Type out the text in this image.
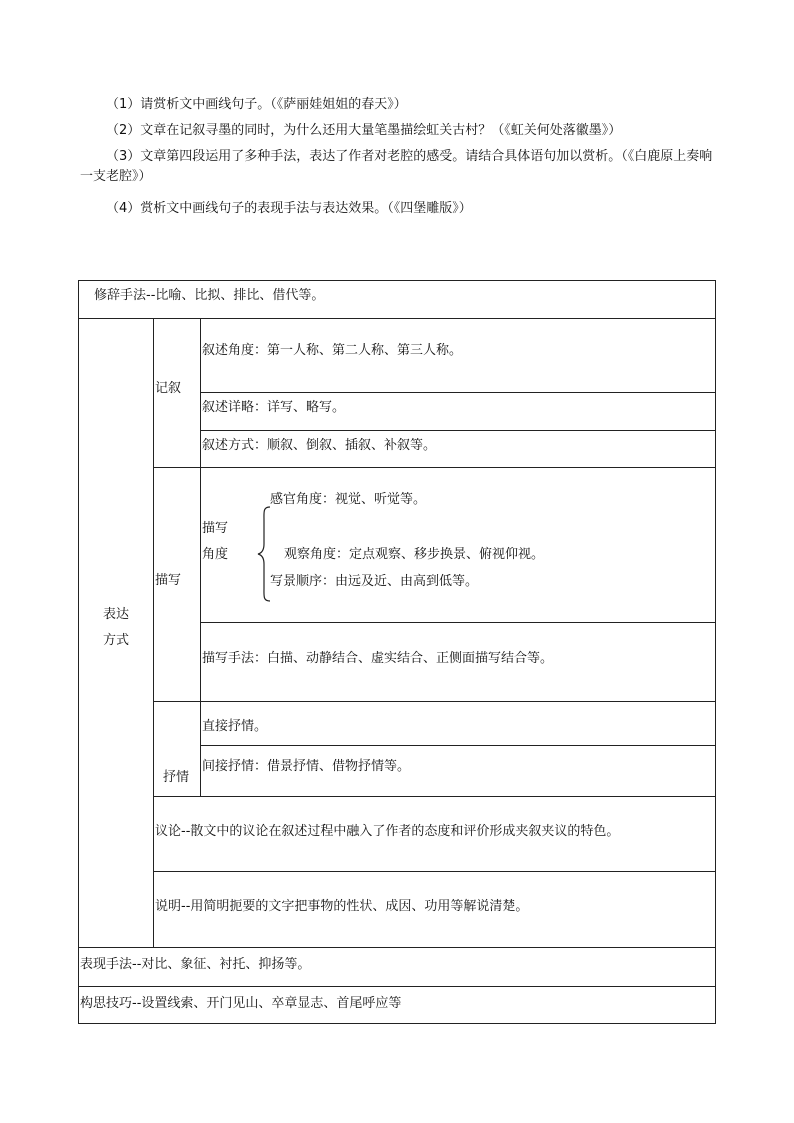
（1）请赏析文中画线句子。（《萨丽娃姐姐的春天》）
（2）文章在记叙寻墨的同时，为什么还用大量笔墨描绘虹关古村？（《虹关何处落徽墨》）
（3）文章第四段运用了多种手法，表达了作者对老腔的感受。请结合具体语句加以赏析。（《白鹿原上奏响一支老腔》）
（4）赏析文中画线句子的表现手法与表达效果。（《四堡雕版》）
修辞手法--比喻、比拟、排比、借代等。
表达
方式
记叙
叙述角度：第一人称、第二人称、第三人称。
叙述详略：详写、略写。
叙述方式：顺叙、倒叙、插叙、补叙等。
描写
描写
角度
感官角度：视觉、听觉等。
观察角度：定点观察、移步换景、俯视仰视。
写景顺序：由远及近、由高到低等。
描写手法：白描、动静结合、虚实结合、正侧面描写结合等。
抒情
直接抒情。
间接抒情：借景抒情、借物抒情等。
议论--散文中的议论在叙述过程中融入了作者的态度和评价形成夹叙夹议的特色。
说明--用简明扼要的文字把事物的性状、成因、功用等解说清楚。
表现手法--对比、象征、衬托、抑扬等。
构思技巧--设置线索、开门见山、卒章显志、首尾呼应等
